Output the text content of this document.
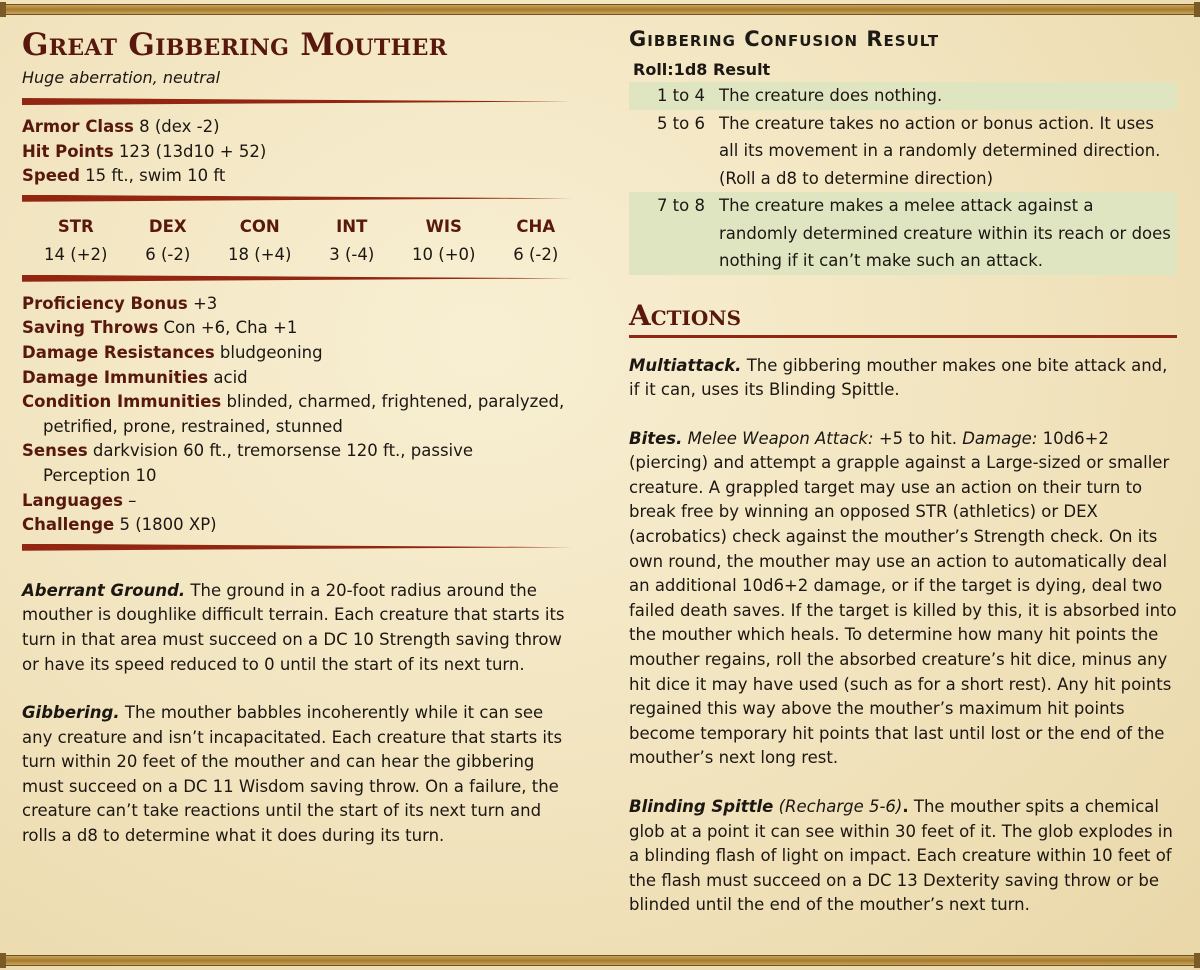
Great Gibbering Mouther

Huge aberration, neutral

Armor Class 8 (dex -2)
Hit Points 123 (13d10 + 52)
Speed 15 ft., swim 10 ft
STR	DEX	CON	INT	WIS	CHA
14 (+2)	6 (-2)	18 (+4)	3 (-4)	10 (+0)	6 (-2)
Proficiency Bonus +3
Saving Throws Con +6, Cha +1
Damage Resistances bludgeoning
Damage Immunities acid
Condition Immunities blinded, charmed, frightened, paralyzed,
petrified, prone, restrained, stunned
Senses darkvision 60 ft., tremorsense 120 ft., passive
Perception 10
Languages –
Challenge 5 (1800 XP)

Aberrant Ground. The ground in a 20-foot radius around the mouther is doughlike difficult terrain. Each creature that starts its turn in that area must succeed on a DC 10 Strength saving throw or have its speed reduced to 0 until the start of its next turn.

Gibbering. The mouther babbles incoherently while it can see any creature and isn’t incapacitated. Each creature that starts its turn within 20 feet of the mouther and can hear the gibbering must succeed on a DC 11 Wisdom saving throw. On a failure, the creature can’t take reactions until the start of its next turn and rolls a d8 to determine what it does during its turn.

Gibbering Confusion Result
Roll:1d8 Result	
1 to 4	The creature does nothing.

5 to 6	The creature takes no action or bonus action. It uses all its movement in a randomly determined direction. (Roll a d8 to determine direction)

7 to 8	The creature makes a melee attack against a randomly determined creature within its reach or does nothing if it can’t make such an attack.
Actions

Multiattack. The gibbering mouther makes one bite attack and, if it can, uses its Blinding Spittle.

Bites. Melee Weapon Attack: +5 to hit. Damage: 10d6+2 (piercing) and attempt a grapple against a Large-sized or smaller creature. A grappled target may use an action on their turn to break free by winning an opposed STR (athletics) or DEX (acrobatics) check against the mouther’s Strength check. On its own round, the mouther may use an action to automatically deal an additional 10d6+2 damage, or if the target is dying, deal two failed death saves. If the target is killed by this, it is absorbed into the mouther which heals. To determine how many hit points the mouther regains, roll the absorbed creature’s hit dice, minus any hit dice it may have used (such as for a short rest). Any hit points regained this way above the mouther’s maximum hit points become temporary hit points that last until lost or the end of the mouther’s next long rest.

Blinding Spittle (Recharge 5-6). The mouther spits a chemical glob at a point it can see within 30 feet of it. The glob explodes in a blinding flash of light on impact. Each creature within 10 feet of the flash must succeed on a DC 13 Dexterity saving throw or be blinded until the end of the mouther’s next turn.
